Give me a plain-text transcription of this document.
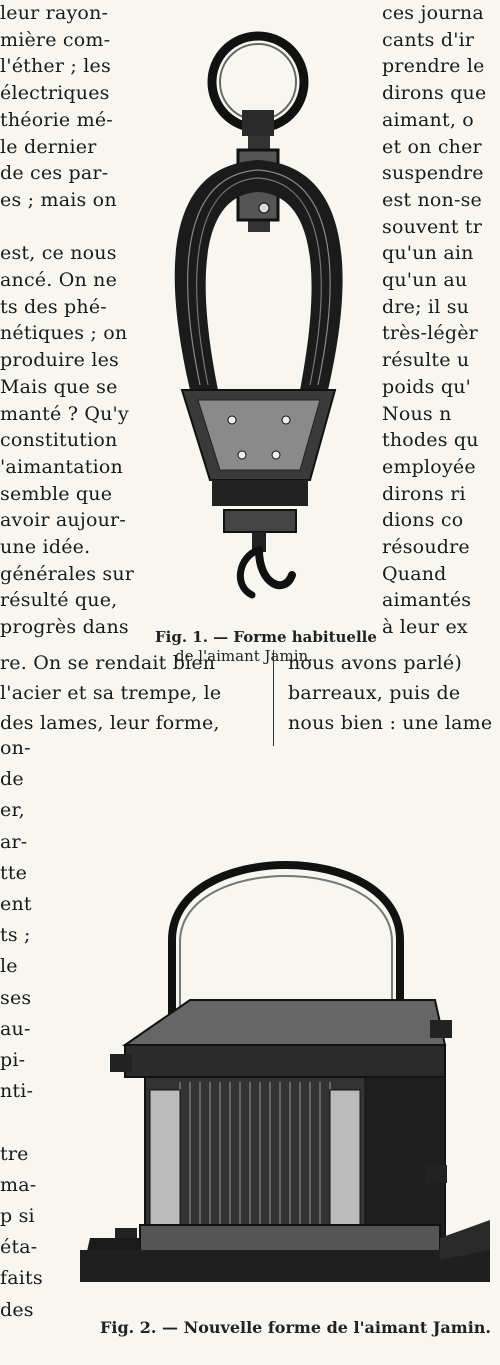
leur rayon-
mière com-
l'éther ; les
électriques
théorie mé-
le dernier
de ces par-
es ; mais on
est, ce nous
ancé. On ne
ts des phé-
nétiques ; on
produire les
Mais que se
manté ? Qu'y
constitution
'aimantation
semble que
avoir aujour-
une idée.
générales sur
résulté que,
progrès dans
ces journa
cants d'ir
prendre le
dirons que
aimant, o
et on cher
suspendre
est non-se
souvent tr
qu'un ain
qu'un au
dre; il su
très-légèr
résulte u
poids qu'
Nous n
thodes qu
employée
dirons ri
dions co
résoudre
Quand
aimantés
à leur ex
re. On se rendait bien
l'acier et sa trempe, le
des lames, leur forme,
nous avons parlé)
barreaux, puis de
nous bien : une lame
on-
de
er,
ar-
tte
ent
ts ;
le
ses
au-
pi-
nti-
tre
ma-
p si
éta-
faits
des
Fig. 1. — Forme habituelle
de l'aimant Jamin.
Fig. 2. — Nouvelle forme de l'aimant Jamin.
